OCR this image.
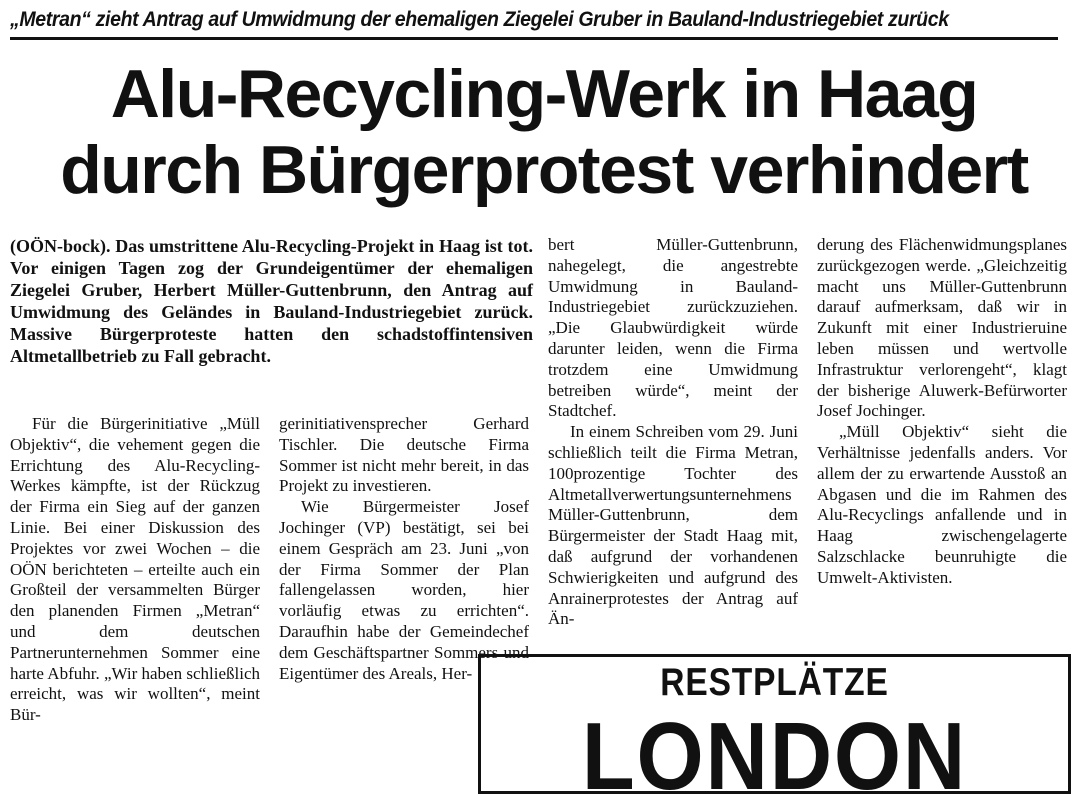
„Metran“ zieht Antrag auf Umwidmung der ehemaligen Ziegelei Gruber in Bauland-Industriegebiet zurück
Alu-Recycling-Werk in Haag
durch Bürgerprotest verhindert
(OÖN-bock). Das umstrittene Alu-Recycling-Projekt in Haag ist tot. Vor einigen Tagen zog der Grundeigentümer der ehemaligen Ziegelei Gruber, Herbert Müller-Guttenbrunn, den Antrag auf Umwidmung des Geländes in Bauland-Industriegebiet zurück. Massive Bürgerproteste hatten den schadstoffintensiven Altmetallbetrieb zu Fall gebracht.

Für die Bürgerinitiative „Müll Objektiv“, die vehement gegen die Errichtung des Alu-Recycling-Werkes kämpfte, ist der Rückzug der Firma ein Sieg auf der ganzen Linie. Bei einer Diskussion des Projektes vor zwei Wochen – die OÖN berichteten – erteilte auch ein Großteil der versammelten Bürger den planenden Firmen „Metran“ und dem deutschen Partnerunternehmen Sommer eine harte Abfuhr. „Wir haben schließlich erreicht, was wir wollten“, meint Bür-

gerinitiativensprecher Gerhard Tischler. Die deutsche Firma Sommer ist nicht mehr bereit, in das Projekt zu investieren.

Wie Bürgermeister Josef Jochinger (VP) bestätigt, sei bei einem Gespräch am 23. Juni „von der Firma Sommer der Plan fallengelassen worden, hier vorläufig etwas zu errichten“. Daraufhin habe der Gemeindechef dem Geschäftspartner Sommers und Eigentümer des Areals, Her-

bert Müller-Guttenbrunn, nahegelegt, die angestrebte Umwidmung in Bauland-Industriegebiet zurückzuziehen. „Die Glaubwürdigkeit würde darunter leiden, wenn die Firma trotzdem eine Umwidmung betreiben würde“, meint der Stadtchef.

In einem Schreiben vom 29. Juni schließlich teilt die Firma Metran, 100prozentige Tochter des Altmetallverwertungsunternehmens Müller-Guttenbrunn, dem Bürgermeister der Stadt Haag mit, daß aufgrund der vorhandenen Schwierigkeiten und aufgrund des Anrainerprotestes der Antrag auf Än-

derung des Flächenwidmungsplanes zurückgezogen werde. „Gleichzeitig macht uns Müller-Guttenbrunn darauf aufmerksam, daß wir in Zukunft mit einer Industrieruine leben müssen und wertvolle Infrastruktur verlorengeht“, klagt der bisherige Aluwerk-Befürworter Josef Jochinger.

„Müll Objektiv“ sieht die Verhältnisse jedenfalls anders. Vor allem der zu erwartende Ausstoß an Abgasen und die im Rahmen des Alu-Recyclings anfallende und in Haag zwischengelagerte Salzschlacke beunruhigte die Umwelt-Aktivisten.

RESTPLÄTZE
LONDON
